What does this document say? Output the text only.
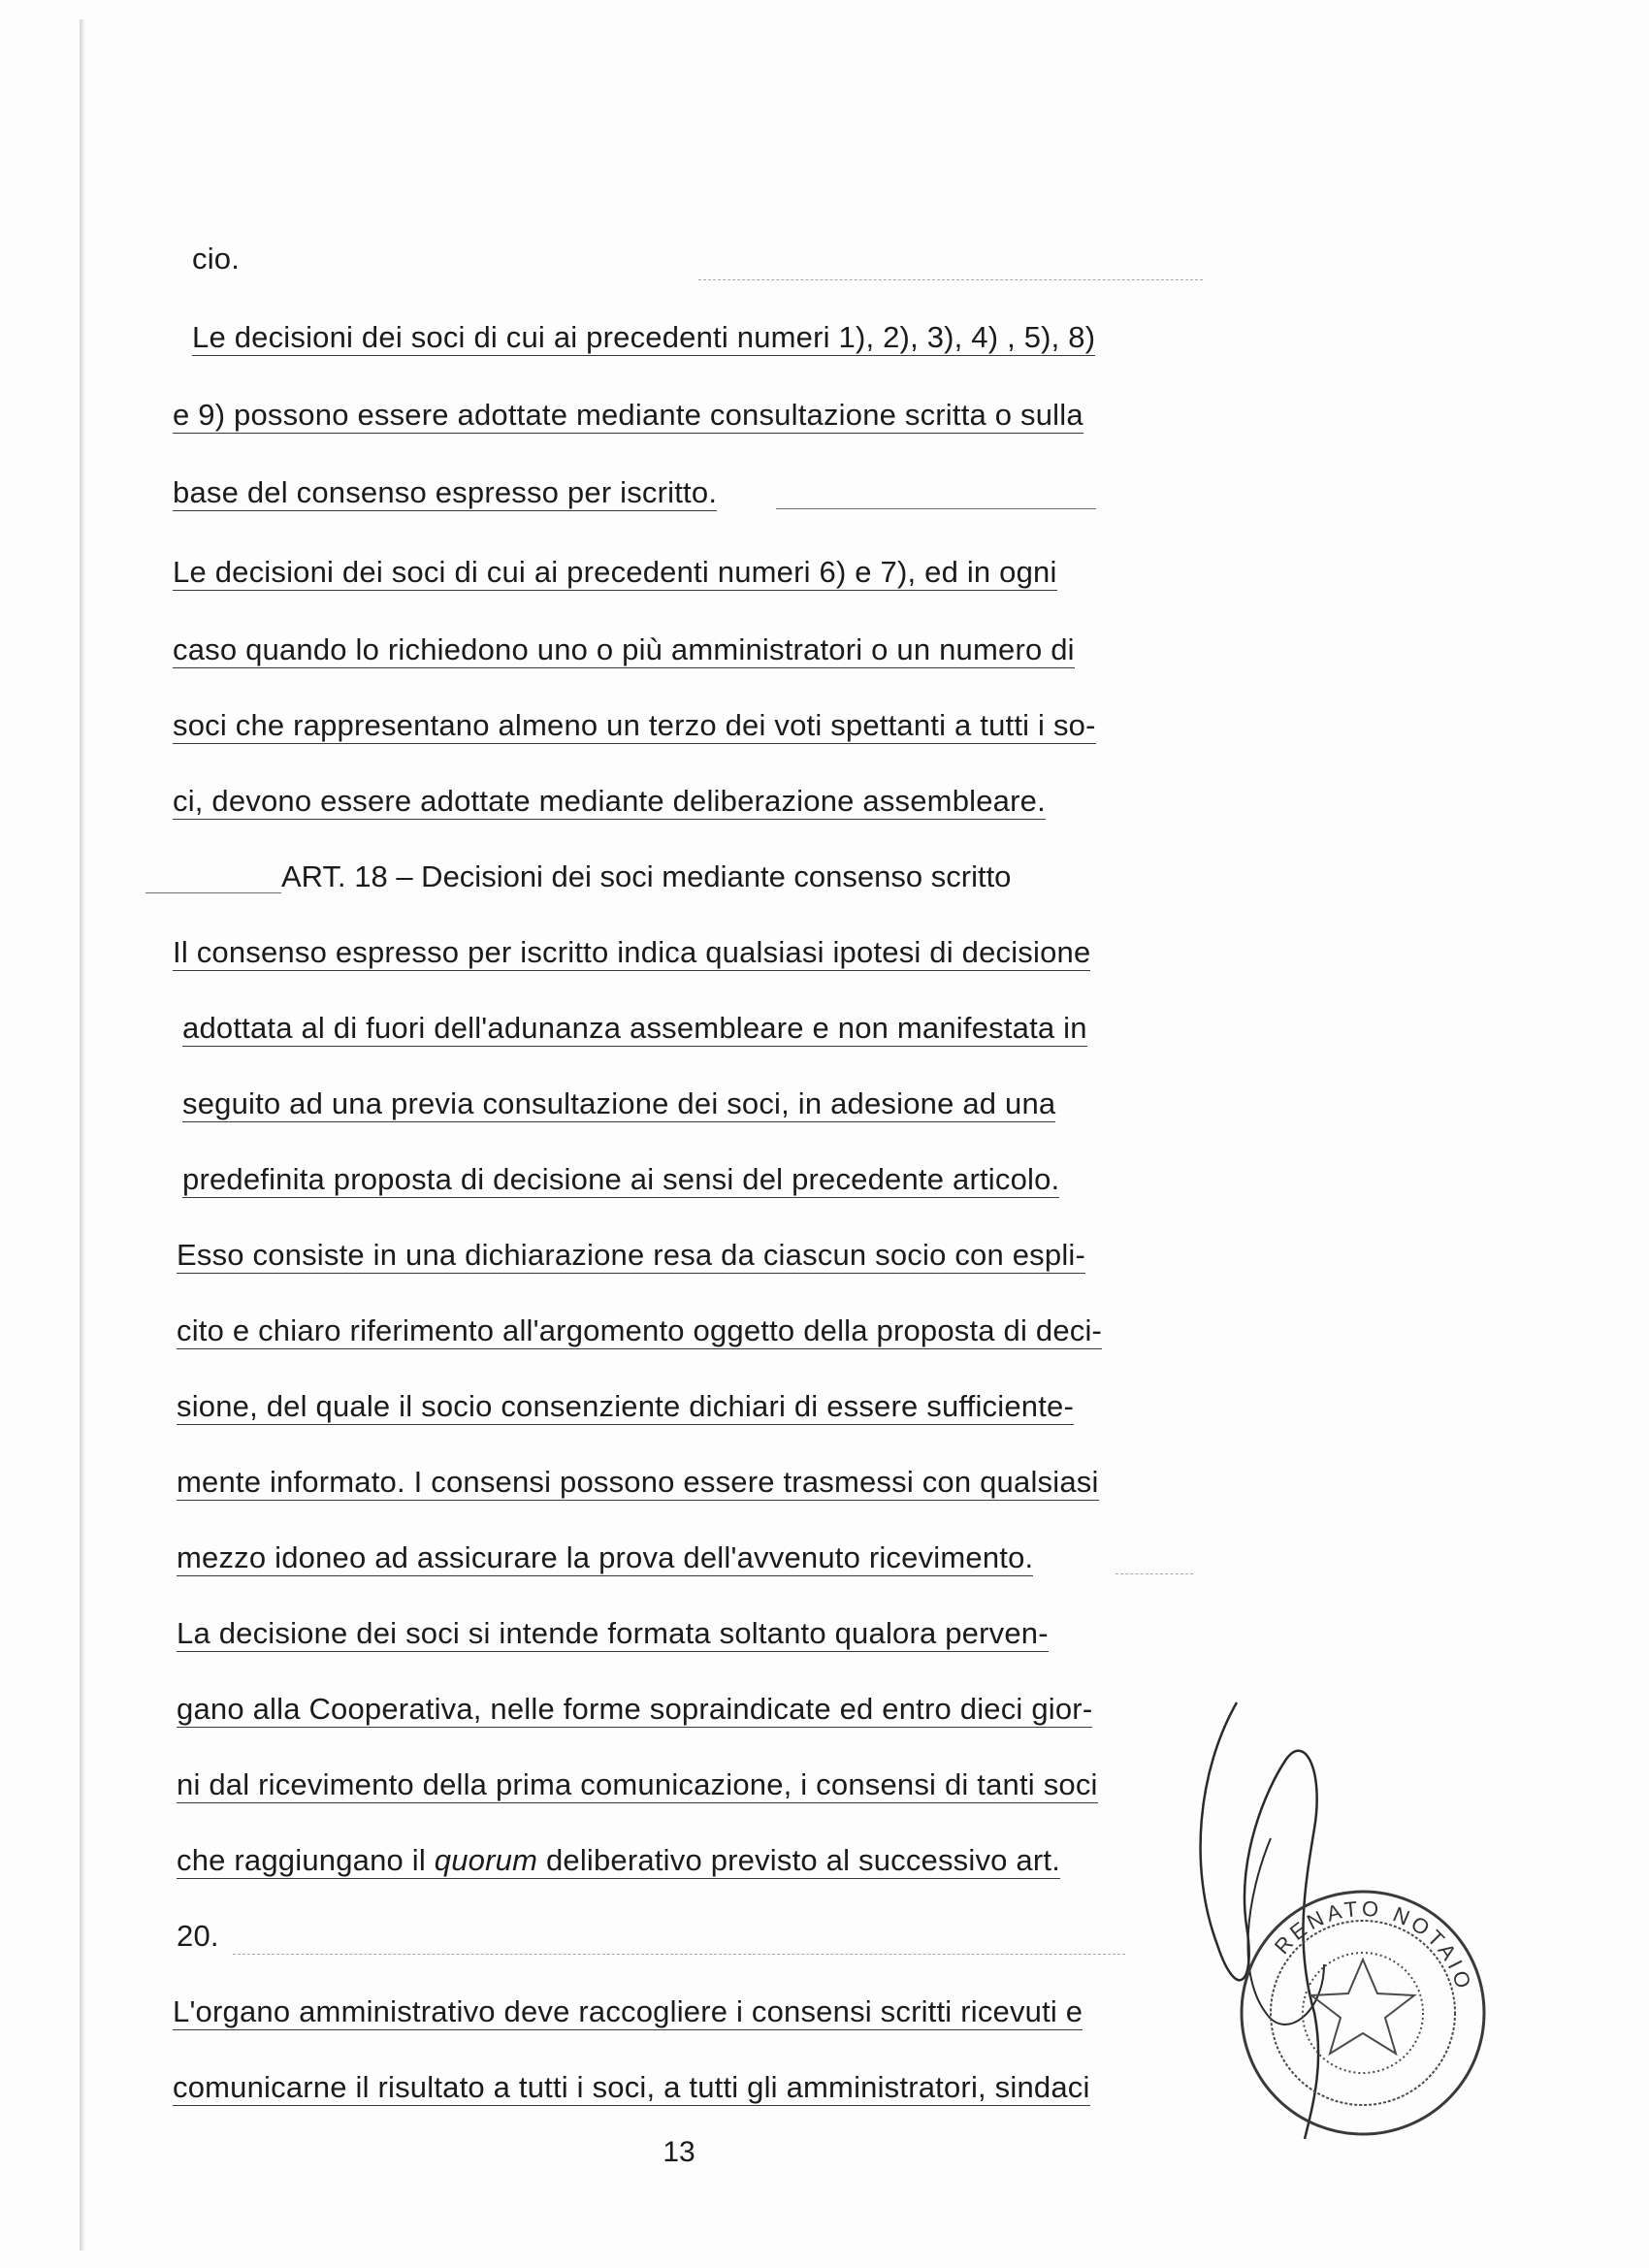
cio.
Le decisioni dei soci di cui ai precedenti numeri 1), 2), 3), 4) , 5), 8)
e 9) possono essere adottate mediante consultazione scritta o sulla
base del consenso espresso per iscritto.
Le decisioni dei soci di cui ai precedenti numeri 6) e 7), ed in ogni
caso quando lo richiedono uno o più amministratori o un numero di
soci che rappresentano almeno un terzo dei voti spettanti a tutti i so-
ci, devono essere adottate mediante deliberazione assembleare.
ART. 18 – Decisioni dei soci mediante consenso scritto
Il consenso espresso per iscritto indica qualsiasi ipotesi di decisione
adottata al di fuori dell'adunanza assembleare e non manifestata in
seguito ad una previa consultazione dei soci, in adesione ad una
predefinita proposta di decisione ai sensi del precedente articolo.
Esso consiste in una dichiarazione resa da ciascun socio con espli-
cito e chiaro riferimento all'argomento oggetto della proposta di deci-
sione, del quale il socio consenziente dichiari di essere sufficiente-
mente informato. I consensi possono essere trasmessi con qualsiasi
mezzo idoneo ad assicurare la prova dell'avvenuto ricevimento.
La decisione dei soci si intende formata soltanto qualora perven-
gano alla Cooperativa, nelle forme sopraindicate ed entro dieci gior-
ni dal ricevimento della prima comunicazione, i consensi di tanti soci
che raggiungano il quorum deliberativo previsto al successivo art.
20.
L'organo amministrativo deve raccogliere i consensi scritti ricevuti e
comunicarne il risultato a tutti i soci, a tutti gli amministratori, sindaci
13
RENATO NOTAIO
